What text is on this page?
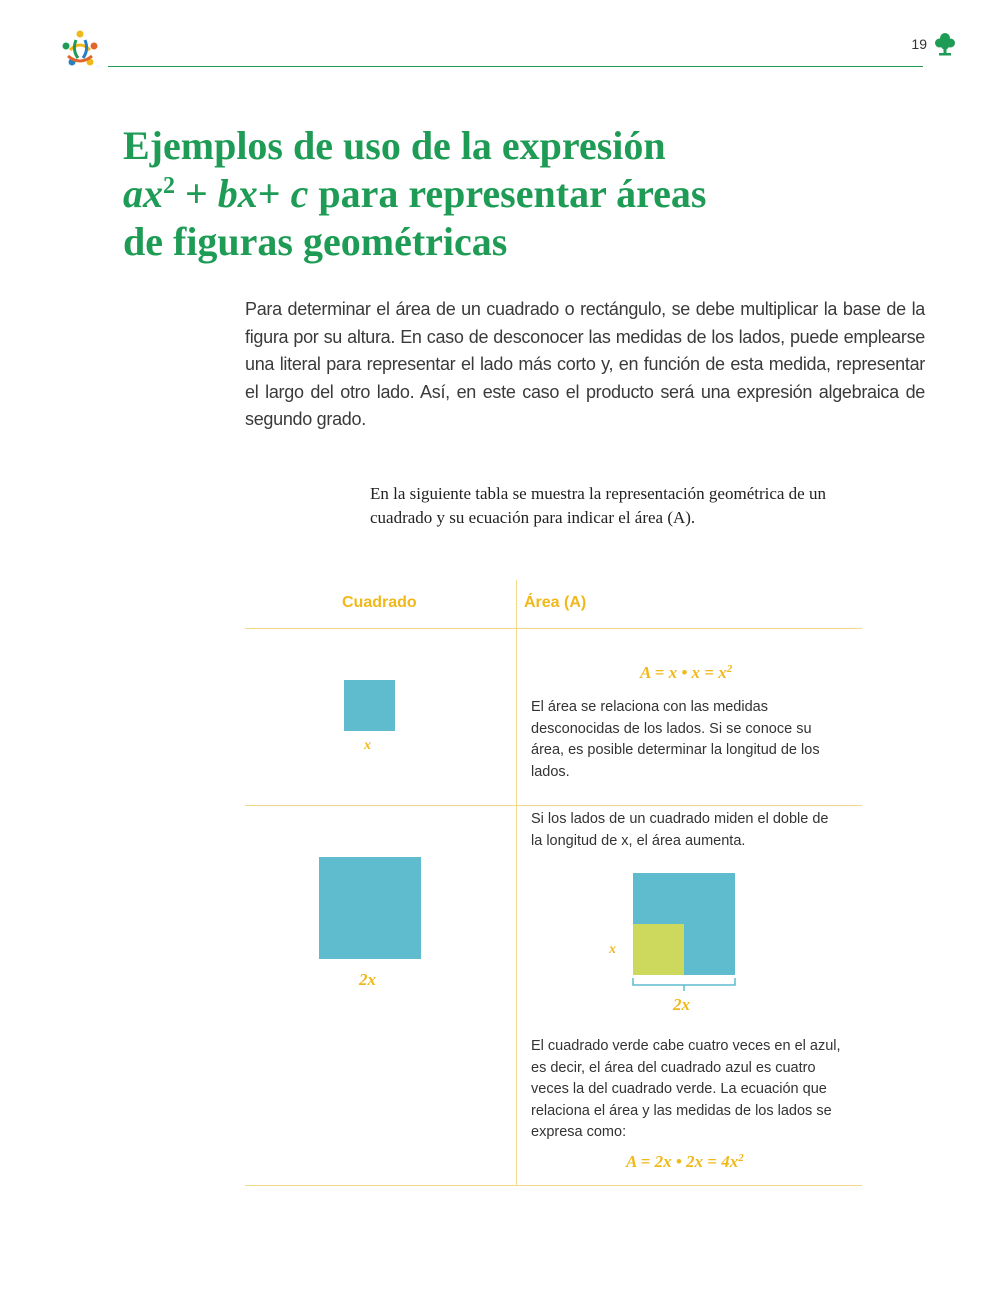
19
Ejemplos de uso de la expresión
$ax^2 + bx+ c$ para representar áreas
de figuras geométricas
Para determinar el área de un cuadrado o rectángulo, se debe multiplicar la base de la figura por su altura. En caso de desconocer las medidas de los lados, puede emplearse una literal para representar el lado más corto y, en función de esta medida, representar el largo del otro lado. Así, en este caso el producto será una expresión algebraica de segundo grado.
En la siguiente tabla se muestra la representación geométrica de un cuadrado y su ecuación para indicar el área (A).
Cuadrado	Área (A)
x
A = x • $x = x^2$
El área se relaciona con las medidas desconocidas de los lados. Si se conoce su área, es posible determinar la longitud de los lados.
2x
Si los lados de un cuadrado miden el doble de la longitud de x, el área aumenta.
x
2x
El cuadrado verde cabe cuatro veces en el azul, es decir, el área del cuadrado azul es cuatro veces la del cuadrado verde. La ecuación que relaciona el área y las medidas de los lados se expresa como:
A = 2x • $2x = 4x^2$
